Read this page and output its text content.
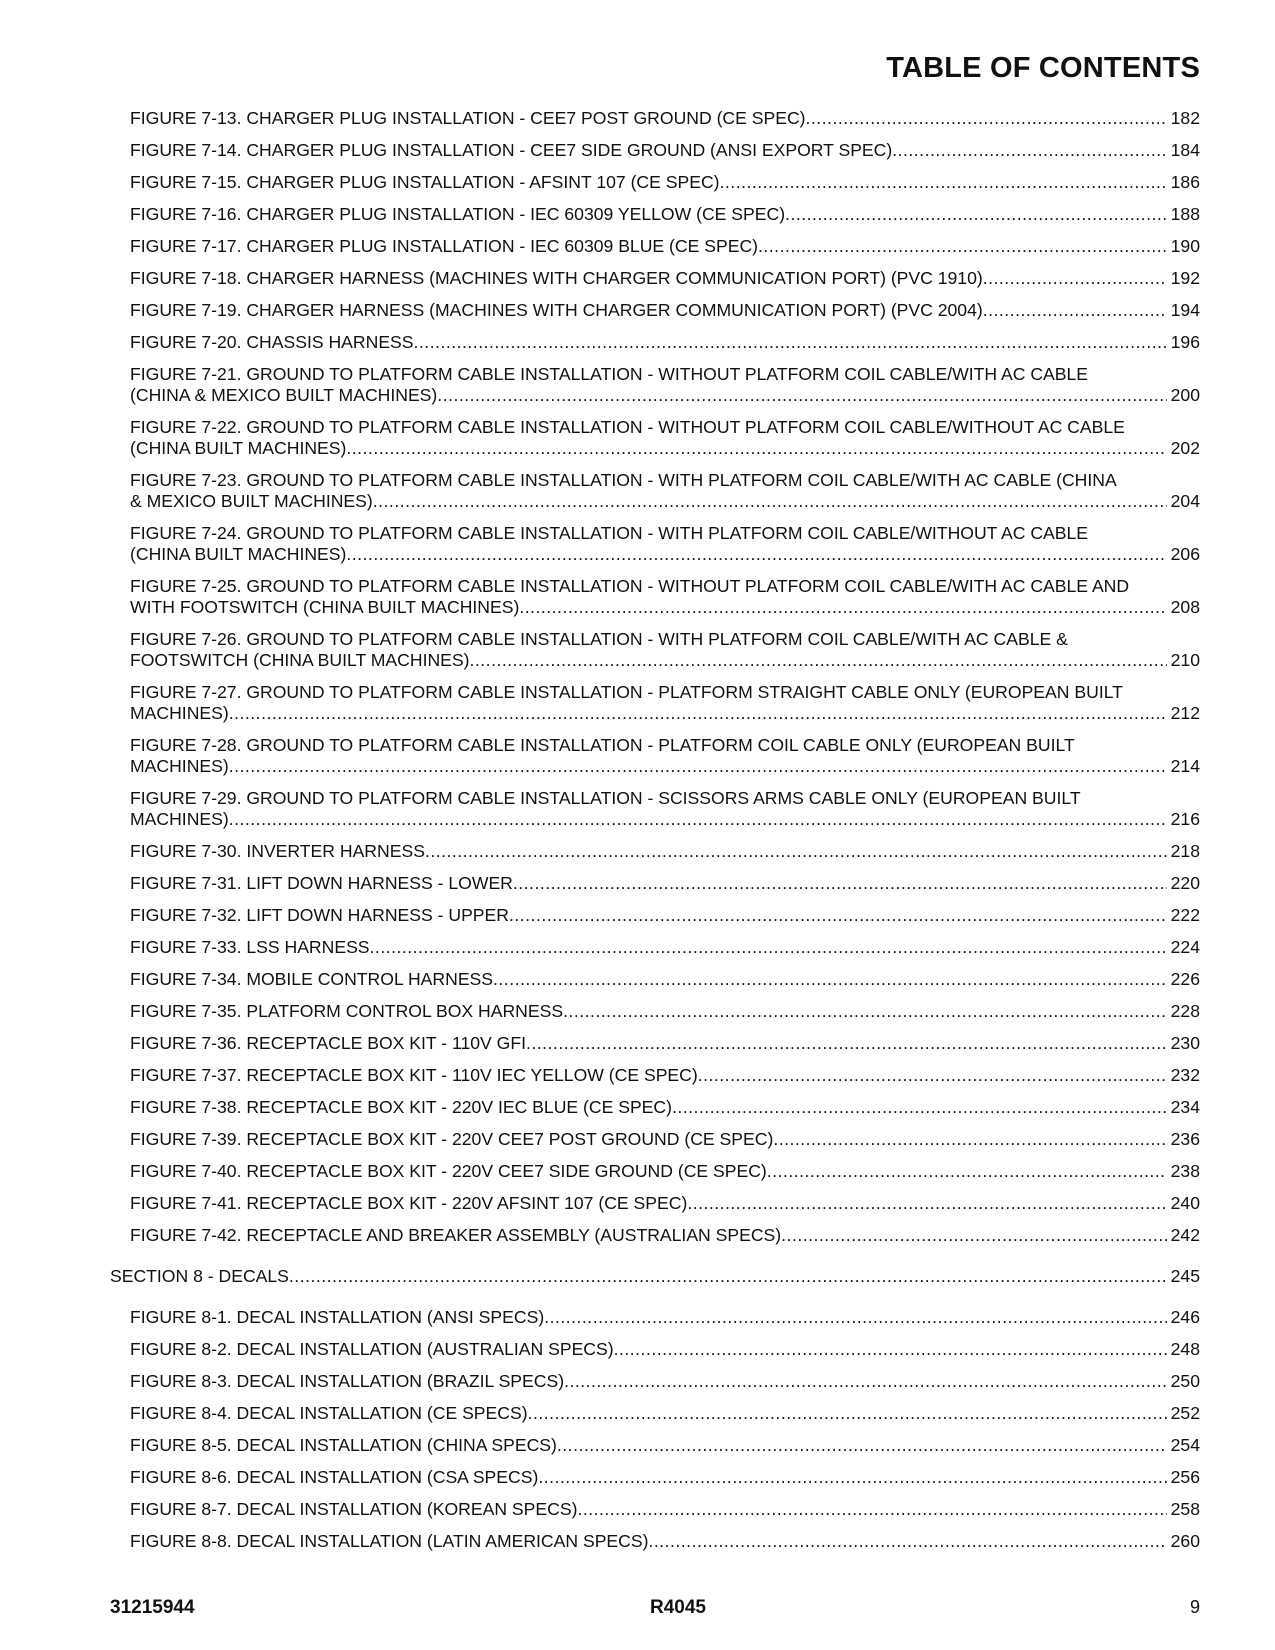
TABLE OF CONTENTS
FIGURE 7-13. CHARGER PLUG INSTALLATION - CEE7 POST GROUND (CE SPEC) .....	182
FIGURE 7-14. CHARGER PLUG INSTALLATION - CEE7 SIDE GROUND (ANSI EXPORT SPEC) .....	184
FIGURE 7-15. CHARGER PLUG INSTALLATION - AFSINT 107 (CE SPEC) .....	186
FIGURE 7-16. CHARGER PLUG INSTALLATION - IEC 60309 YELLOW (CE SPEC) .....	188
FIGURE 7-17. CHARGER PLUG INSTALLATION - IEC 60309 BLUE (CE SPEC) .....	190
FIGURE 7-18. CHARGER HARNESS (MACHINES WITH CHARGER COMMUNICATION PORT) (PVC 1910) .....	192
FIGURE 7-19. CHARGER HARNESS (MACHINES WITH CHARGER COMMUNICATION PORT) (PVC 2004) .....	194
FIGURE 7-20. CHASSIS HARNESS .....	196
FIGURE 7-21. GROUND TO PLATFORM CABLE INSTALLATION - WITHOUT PLATFORM COIL CABLE/WITH AC CABLE
(CHINA & MEXICO BUILT MACHINES) .....	200
FIGURE 7-22. GROUND TO PLATFORM CABLE INSTALLATION - WITHOUT PLATFORM COIL CABLE/WITHOUT AC CABLE
(CHINA BUILT MACHINES) .....	202
FIGURE 7-23. GROUND TO PLATFORM CABLE INSTALLATION - WITH PLATFORM COIL CABLE/WITH AC CABLE (CHINA
& MEXICO BUILT MACHINES) .....	204
FIGURE 7-24. GROUND TO PLATFORM CABLE INSTALLATION - WITH PLATFORM COIL CABLE/WITHOUT AC CABLE
(CHINA BUILT MACHINES) .....	206
FIGURE 7-25. GROUND TO PLATFORM CABLE INSTALLATION - WITHOUT PLATFORM COIL CABLE/WITH AC CABLE AND
WITH FOOTSWITCH (CHINA BUILT MACHINES) .....	208
FIGURE 7-26. GROUND TO PLATFORM CABLE INSTALLATION - WITH PLATFORM COIL CABLE/WITH AC CABLE &
FOOTSWITCH (CHINA BUILT MACHINES) .....	210
FIGURE 7-27. GROUND TO PLATFORM CABLE INSTALLATION - PLATFORM STRAIGHT CABLE ONLY (EUROPEAN BUILT
MACHINES) .....	212
FIGURE 7-28. GROUND TO PLATFORM CABLE INSTALLATION - PLATFORM COIL CABLE ONLY (EUROPEAN BUILT
MACHINES) .....	214
FIGURE 7-29. GROUND TO PLATFORM CABLE INSTALLATION - SCISSORS ARMS CABLE ONLY (EUROPEAN BUILT
MACHINES) .....	216
FIGURE 7-30. INVERTER HARNESS .....	218
FIGURE 7-31. LIFT DOWN HARNESS - LOWER .....	220
FIGURE 7-32. LIFT DOWN HARNESS - UPPER .....	222
FIGURE 7-33. LSS HARNESS .....	224
FIGURE 7-34. MOBILE CONTROL HARNESS .....	226
FIGURE 7-35. PLATFORM CONTROL BOX HARNESS .....	228
FIGURE 7-36. RECEPTACLE BOX KIT - 110V GFI .....	230
FIGURE 7-37. RECEPTACLE BOX KIT - 110V IEC YELLOW (CE SPEC) .....	232
FIGURE 7-38. RECEPTACLE BOX KIT - 220V IEC BLUE (CE SPEC) .....	234
FIGURE 7-39. RECEPTACLE BOX KIT - 220V CEE7 POST GROUND (CE SPEC) .....	236
FIGURE 7-40. RECEPTACLE BOX KIT - 220V CEE7 SIDE GROUND (CE SPEC) .....	238
FIGURE 7-41. RECEPTACLE BOX KIT - 220V AFSINT 107 (CE SPEC) .....	240
FIGURE 7-42. RECEPTACLE AND BREAKER ASSEMBLY (AUSTRALIAN SPECS) .....	242
SECTION 8 - DECALS .....	245
FIGURE 8-1. DECAL INSTALLATION (ANSI SPECS) .....	246
FIGURE 8-2. DECAL INSTALLATION (AUSTRALIAN SPECS) .....	248
FIGURE 8-3. DECAL INSTALLATION (BRAZIL SPECS) .....	250
FIGURE 8-4. DECAL INSTALLATION (CE SPECS) .....	252
FIGURE 8-5. DECAL INSTALLATION (CHINA SPECS) .....	254
FIGURE 8-6. DECAL INSTALLATION (CSA SPECS) .....	256
FIGURE 8-7. DECAL INSTALLATION (KOREAN SPECS) .....	258
FIGURE 8-8. DECAL INSTALLATION (LATIN AMERICAN SPECS) .....	260
31215944	R4045	9
